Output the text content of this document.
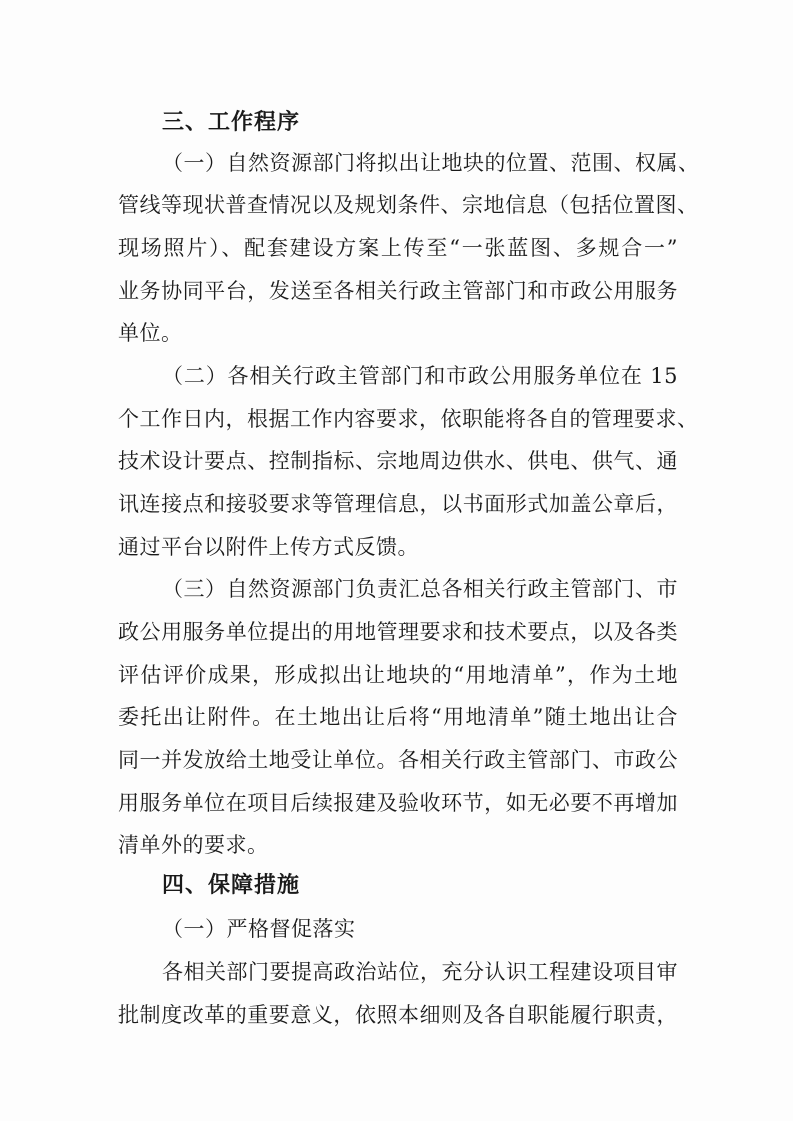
三、工作程序
（一）自然资源部门将拟出让地块的位置、范围、权属、
管线等现状普查情况以及规划条件、宗地信息（包括位置图、
现场照片）、配套建设方案上传至“一张蓝图、多规合一”
业务协同平台，发送至各相关行政主管部门和市政公用服务
单位。
（二）各相关行政主管部门和市政公用服务单位在 15
个工作日内，根据工作内容要求，依职能将各自的管理要求、
技术设计要点、控制指标、宗地周边供水、供电、供气、通
讯连接点和接驳要求等管理信息，以书面形式加盖公章后，
通过平台以附件上传方式反馈。
（三）自然资源部门负责汇总各相关行政主管部门、市
政公用服务单位提出的用地管理要求和技术要点，以及各类
评估评价成果，形成拟出让地块的“用地清单”，作为土地
委托出让附件。在土地出让后将“用地清单”随土地出让合
同一并发放给土地受让单位。各相关行政主管部门、市政公
用服务单位在项目后续报建及验收环节，如无必要不再增加
清单外的要求。
四、保障措施
（一）严格督促落实
各相关部门要提高政治站位，充分认识工程建设项目审
批制度改革的重要意义，依照本细则及各自职能履行职责，
